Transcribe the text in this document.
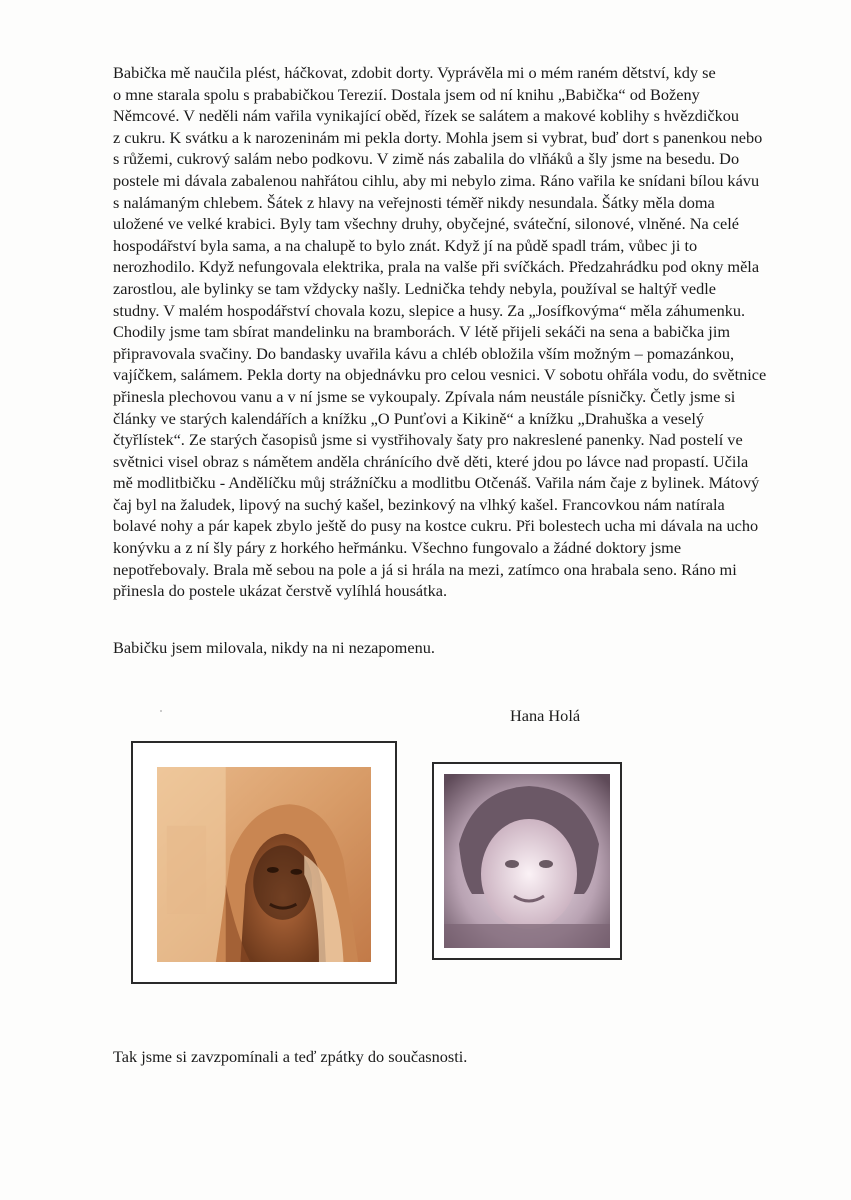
Babička mě naučila plést, háčkovat, zdobit dorty. Vyprávěla mi o mém raném dětství, kdy se
o mne starala spolu s prababičkou Terezií. Dostala jsem od ní knihu „Babička“ od Boženy
Němcové. V neděli nám vařila vynikající oběd, řízek se salátem a makové koblihy s hvězdičkou
z cukru. K svátku a k narozeninám mi pekla dorty. Mohla jsem si vybrat, buď dort s panenkou nebo
s růžemi, cukrový salám nebo podkovu. V zimě nás zabalila do vlňáků a šly jsme na besedu. Do
postele mi dávala zabalenou nahřátou cihlu, aby mi nebylo zima. Ráno vařila ke snídani bílou kávu
s nalámaným chlebem. Šátek z hlavy na veřejnosti téměř nikdy nesundala. Šátky měla doma
uložené ve velké krabici. Byly tam všechny druhy, obyčejné, sváteční, silonové, vlněné. Na celé
hospodářství byla sama, a na chalupě to bylo znát. Když jí na půdě spadl trám, vůbec ji to
nerozhodilo. Když nefungovala elektrika, prala na valše při svíčkách. Předzahrádku pod okny měla
zarostlou, ale bylinky se tam vždycky našly. Lednička tehdy nebyla, používal se haltýř vedle
studny. V malém hospodářství chovala kozu, slepice a husy. Za „Josífkovýma“ měla záhumenku.
Chodily jsme tam sbírat mandelinku na bramborách. V létě přijeli sekáči na sena a babička jim
připravovala svačiny. Do bandasky uvařila kávu a chléb obložila vším možným – pomazánkou,
vajíčkem, salámem. Pekla dorty na objednávku pro celou vesnici. V sobotu ohřála vodu, do světnice
přinesla plechovou vanu a v ní jsme se vykoupaly. Zpívala nám neustále písničky. Četly jsme si
články ve starých kalendářích a knížku „O Punťovi a Kikině“ a knížku „Drahuška a veselý
čtyřlístek“. Ze starých časopisů jsme si vystřihovaly šaty pro nakreslené panenky. Nad postelí ve
světnici visel obraz s námětem anděla chránícího dvě děti, které jdou po lávce nad propastí. Učila
mě modlitbičku - Andělíčku můj strážníčku a modlitbu Otčenáš. Vařila nám čaje z bylinek. Mátový
čaj byl na žaludek, lipový na suchý kašel, bezinkový na vlhký kašel. Francovkou nám natírala
bolavé nohy a pár kapek zbylo ještě do pusy na kostce cukru. Při bolestech ucha mi dávala na ucho
konývku a z ní šly páry z horkého heřmánku. Všechno fungovalo a žádné doktory jsme
nepotřebovaly. Brala mě sebou na pole a já si hrála na mezi, zatímco ona hrabala seno. Ráno mi
přinesla do postele ukázat čerstvě vylíhlá housátka.

Babičku jsem milovala, nikdy na ni nezapomenu.

Hana Holá

Tak jsme si zavzpomínali a teď zpátky do současnosti.
